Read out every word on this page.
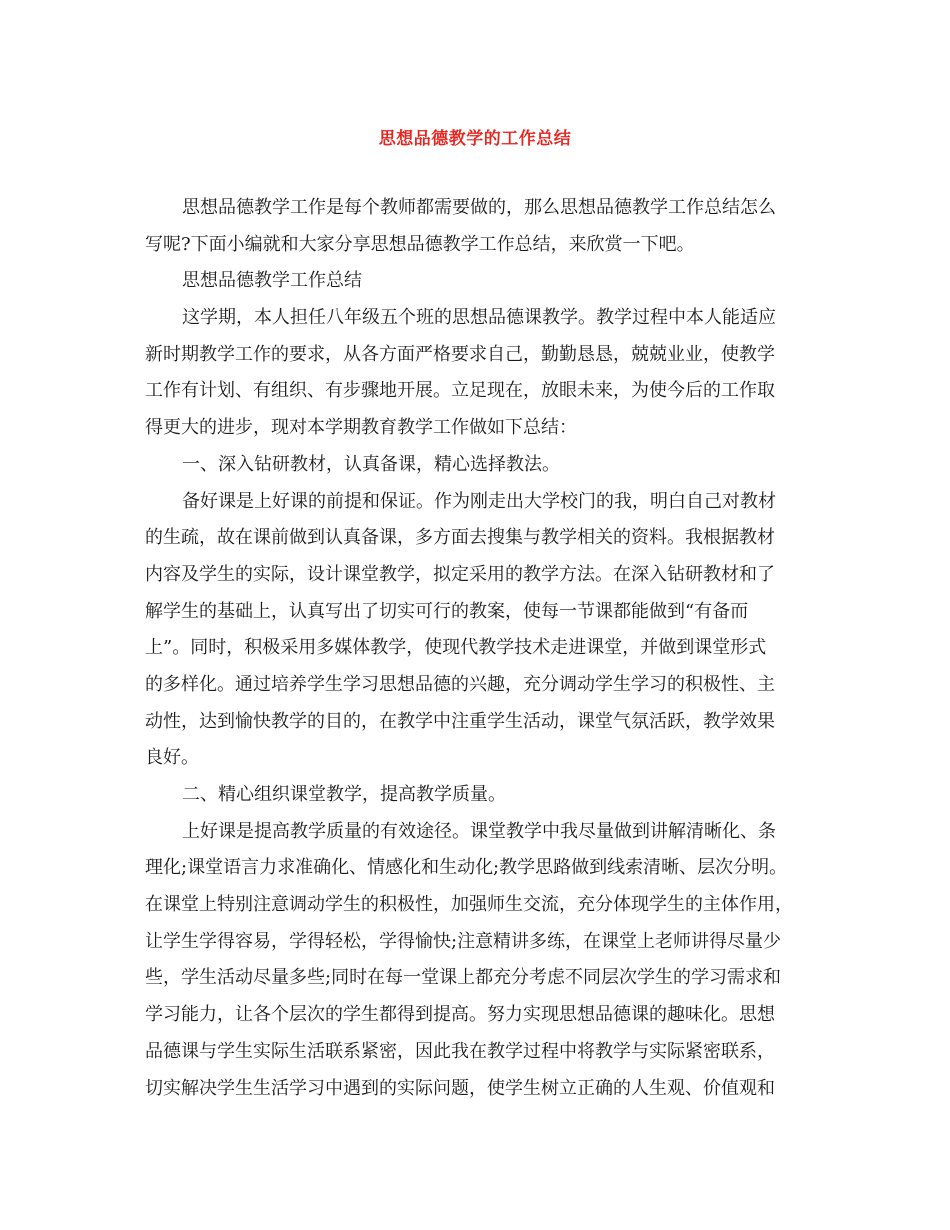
思想品德教学的工作总结
思想品德教学工作是每个教师都需要做的，那么思想品德教学工作总结怎么
写呢?下面小编就和大家分享思想品德教学工作总结，来欣赏一下吧。
思想品德教学工作总结
这学期，本人担任八年级五个班的思想品德课教学。教学过程中本人能适应
新时期教学工作的要求，从各方面严格要求自己，勤勤恳恳，兢兢业业，使教学
工作有计划、有组织、有步骤地开展。立足现在，放眼未来，为使今后的工作取
得更大的进步，现对本学期教育教学工作做如下总结：
一、深入钻研教材，认真备课，精心选择教法。
备好课是上好课的前提和保证。作为刚走出大学校门的我，明白自己对教材
的生疏，故在课前做到认真备课，多方面去搜集与教学相关的资料。我根据教材
内容及学生的实际，设计课堂教学，拟定采用的教学方法。在深入钻研教材和了
解学生的基础上，认真写出了切实可行的教案，使每一节课都能做到“有备而
上”。同时，积极采用多媒体教学，使现代教学技术走进课堂，并做到课堂形式
的多样化。通过培养学生学习思想品德的兴趣，充分调动学生学习的积极性、主
动性，达到愉快教学的目的，在教学中注重学生活动，课堂气氛活跃，教学效果
良好。
二、精心组织课堂教学，提高教学质量。
上好课是提高教学质量的有效途径。课堂教学中我尽量做到讲解清晰化、条
理化;课堂语言力求准确化、情感化和生动化;教学思路做到线索清晰、层次分明。
在课堂上特别注意调动学生的积极性，加强师生交流，充分体现学生的主体作用，
让学生学得容易，学得轻松，学得愉快;注意精讲多练，在课堂上老师讲得尽量少
些，学生活动尽量多些;同时在每一堂课上都充分考虑不同层次学生的学习需求和
学习能力，让各个层次的学生都得到提高。努力实现思想品德课的趣味化。思想
品德课与学生实际生活联系紧密，因此我在教学过程中将教学与实际紧密联系，
切实解决学生生活学习中遇到的实际问题，使学生树立正确的人生观、价值观和
